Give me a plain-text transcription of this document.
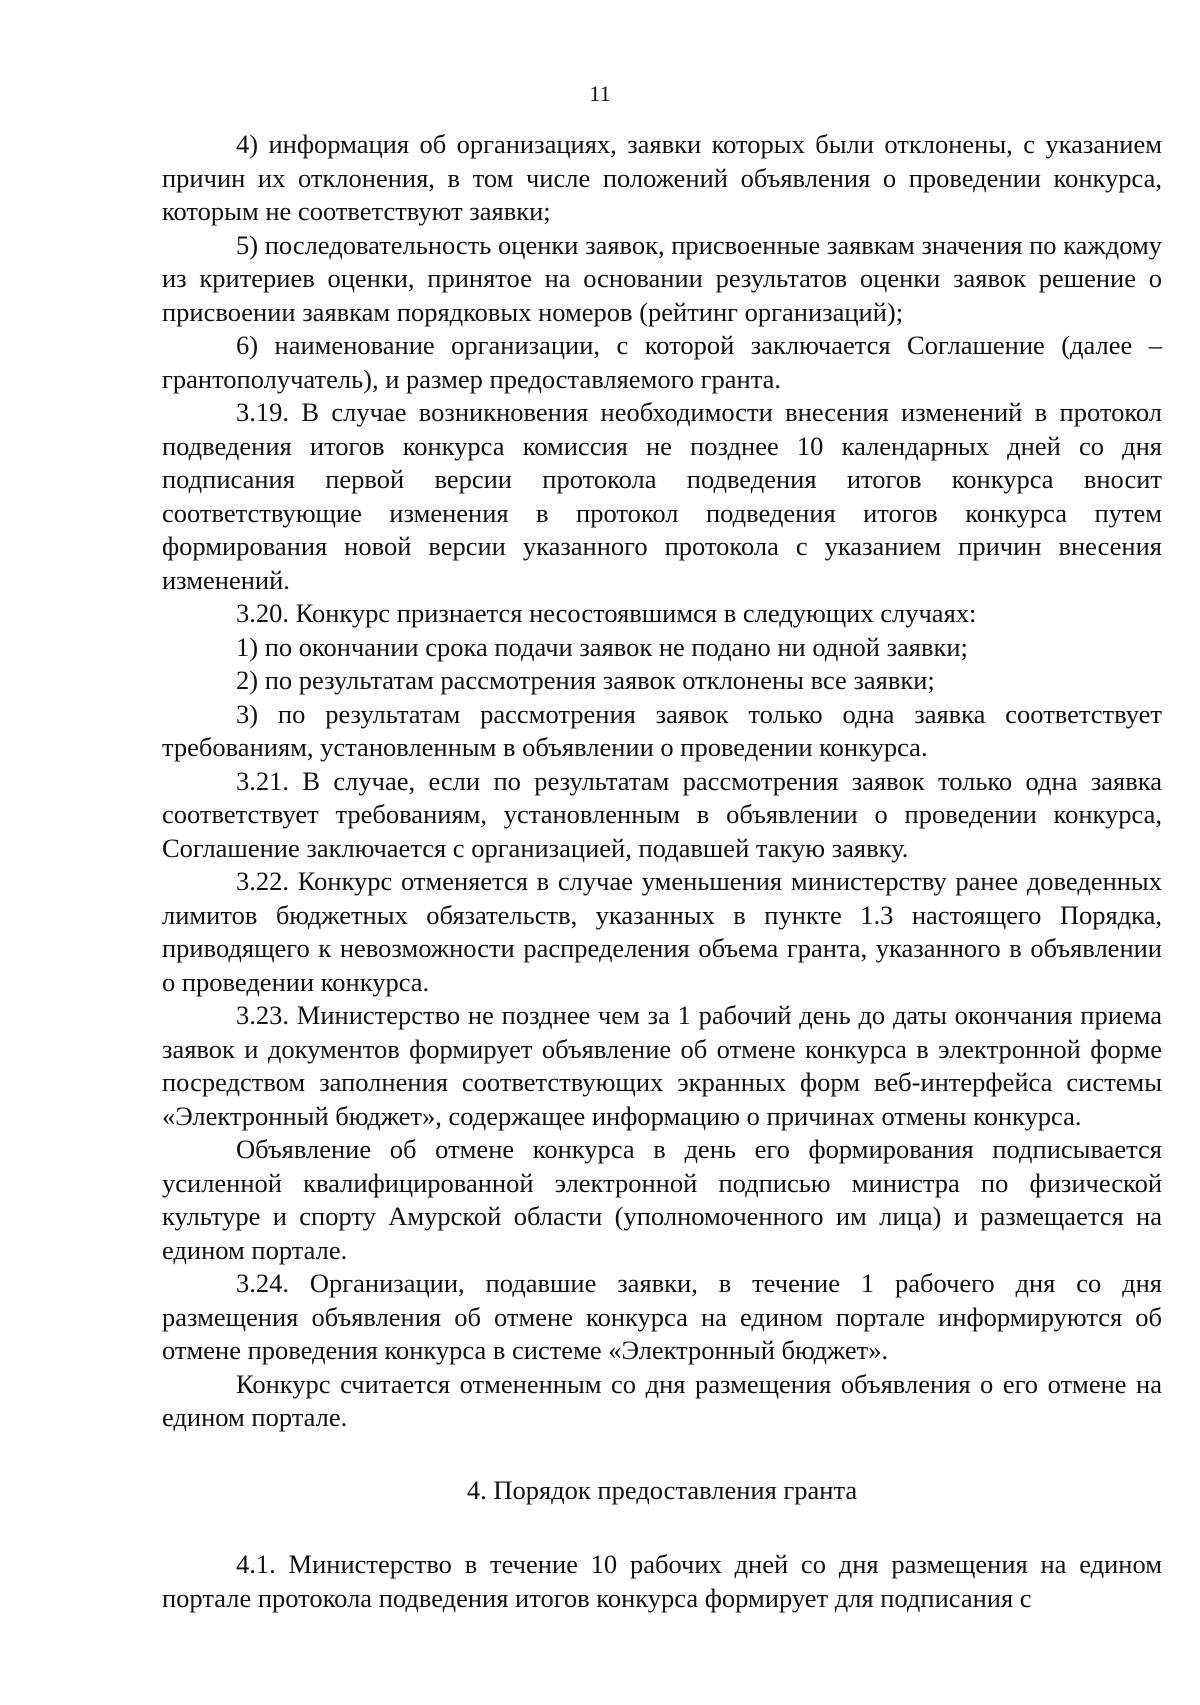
11

4) информация об организациях, заявки которых были отклонены, с указанием причин их отклонения, в том числе положений объявления о проведении конкурса, которым не соответствуют заявки;

5) последовательность оценки заявок, присвоенные заявкам значения по каждому из критериев оценки, принятое на основании результатов оценки заявок решение о присвоении заявкам порядковых номеров (рейтинг организаций);

6) наименование организации, с которой заключается Соглашение (далее – грантополучатель), и размер предоставляемого гранта.

3.19. В случае возникновения необходимости внесения изменений в протокол подведения итогов конкурса комиссия не позднее 10 календарных дней со дня подписания первой версии протокола подведения итогов конкурса вносит соответствующие изменения в протокол подведения итогов конкурса путем формирования новой версии указанного протокола с указанием причин внесения изменений.

3.20. Конкурс признается несостоявшимся в следующих случаях:

1) по окончании срока подачи заявок не подано ни одной заявки;

2) по результатам рассмотрения заявок отклонены все заявки;

3) по результатам рассмотрения заявок только одна заявка соответствует требованиям, установленным в объявлении о проведении конкурса.

3.21. В случае, если по результатам рассмотрения заявок только одна заявка соответствует требованиям, установленным в объявлении о проведении конкурса, Соглашение заключается с организацией, подавшей такую заявку.

3.22. Конкурс отменяется в случае уменьшения министерству ранее доведенных лимитов бюджетных обязательств, указанных в пункте 1.3 настоящего Порядка, приводящего к невозможности распределения объема гранта, указанного в объявлении о проведении конкурса.

3.23. Министерство не позднее чем за 1 рабочий день до даты окончания приема заявок и документов формирует объявление об отмене конкурса в электронной форме посредством заполнения соответствующих экранных форм веб-интерфейса системы «Электронный бюджет», содержащее информацию о причинах отмены конкурса.

Объявление об отмене конкурса в день его формирования подписывается усиленной квалифицированной электронной подписью министра по физической культуре и спорту Амурской области (уполномоченного им лица) и размещается на едином портале.

3.24. Организации, подавшие заявки, в течение 1 рабочего дня со дня размещения объявления об отмене конкурса на едином портале информируются об отмене проведения конкурса в системе «Электронный бюджет».

Конкурс считается отмененным со дня размещения объявления о его отмене на едином портале.

4. Порядок предоставления гранта

4.1. Министерство в течение 10 рабочих дней со дня размещения на едином портале протокола подведения итогов конкурса формирует для подписания с
